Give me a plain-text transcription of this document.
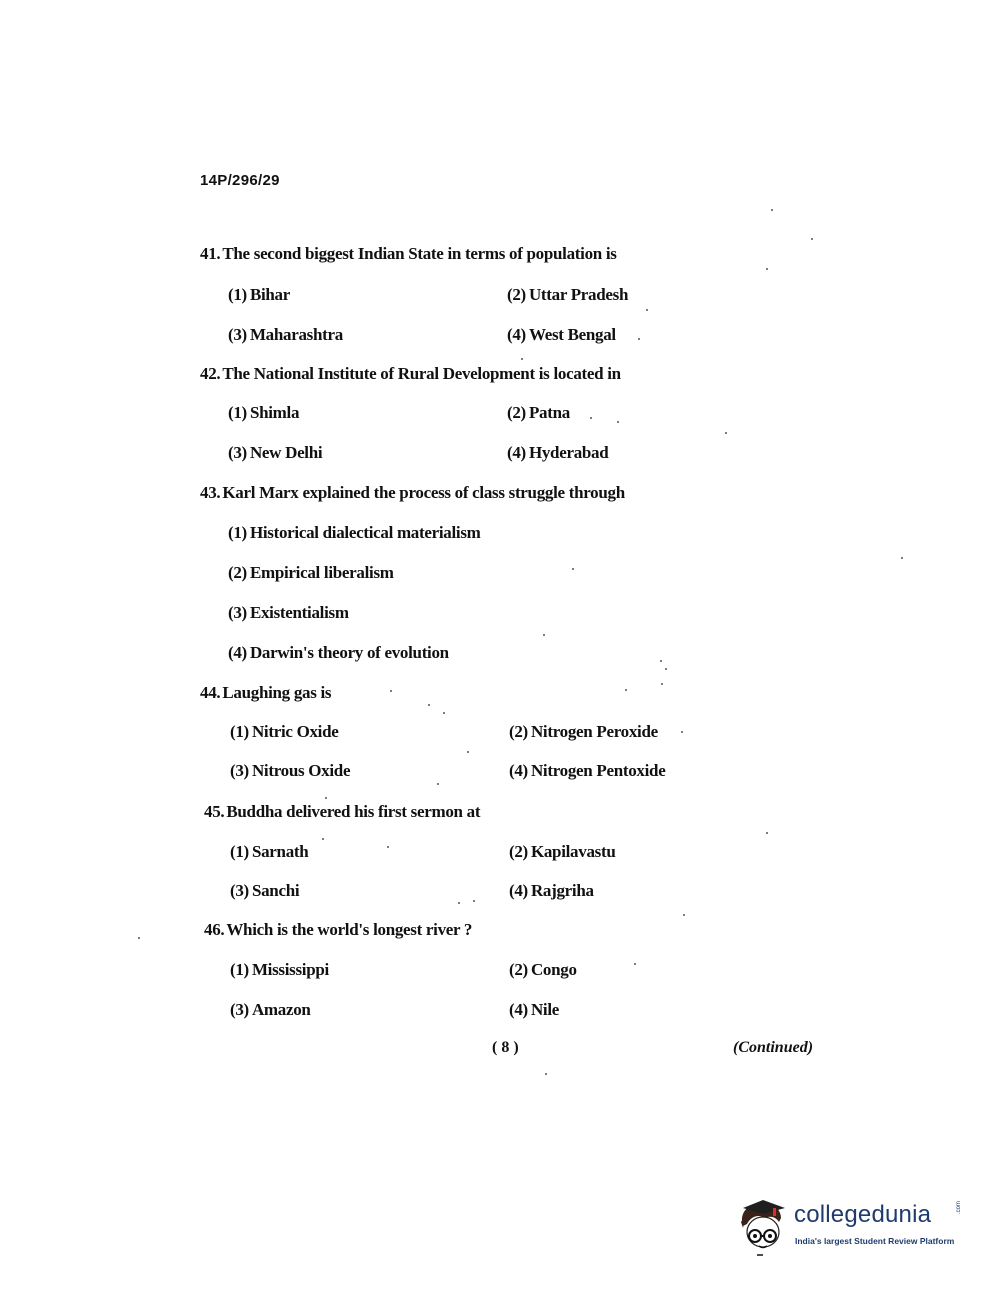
14P/296/29
41. The second biggest Indian State in terms of population is
(1) Bihar	(2) Uttar Pradesh
(3) Maharashtra	(4) West Bengal
42. The National Institute of Rural Development is located in
(1) Shimla	(2) Patna
(3) New Delhi	(4) Hyderabad
43. Karl Marx explained the process of class struggle through
(1) Historical dialectical materialism
(2) Empirical liberalism
(3) Existentialism
(4) Darwin's theory of evolution
44. Laughing gas is
(1) Nitric Oxide	(2) Nitrogen Peroxide
(3) Nitrous Oxide	(4) Nitrogen Pentoxide
45. Buddha delivered his first sermon at
(1) Sarnath	(2) Kapilavastu
(3) Sanchi	(4) Rajgriha
46. Which is the world's longest river ?
(1) Mississippi	(2) Congo
(3) Amazon	(4) Nile
( 8 )	(Continued)
collegedunia	.com
India's largest Student Review Platform
